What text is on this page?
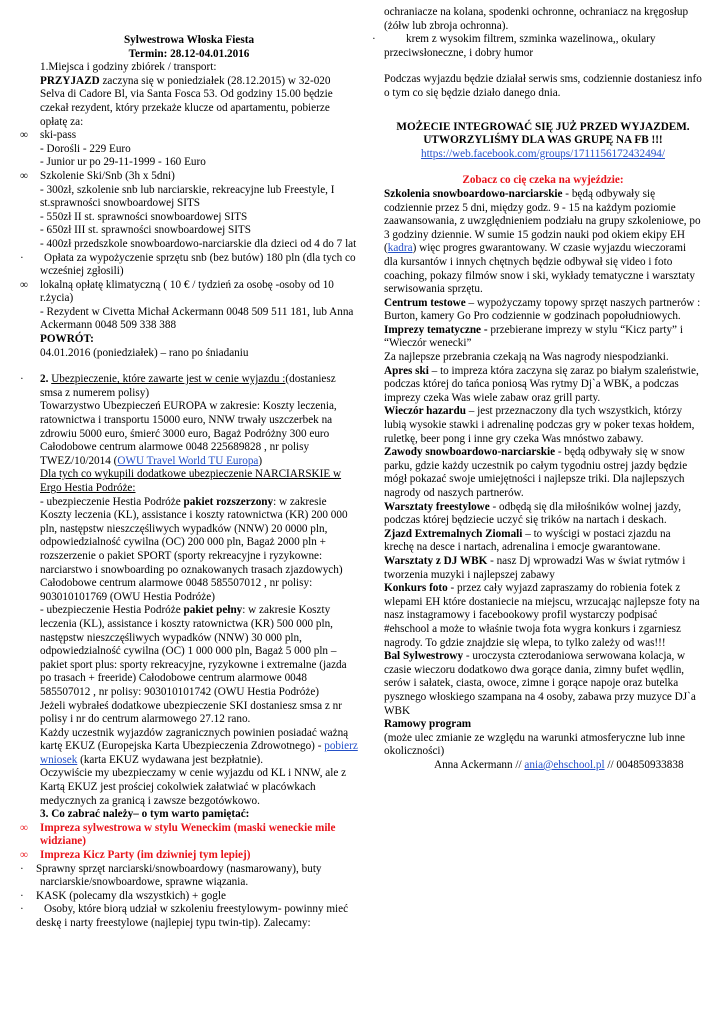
Sylwestrowa Włoska Fiesta

Termin: 28.12-04.01.2016

1.Miejsca i godziny zbiórek / transport:

PRZYJAZD zaczyna się w poniedziałek (28.12.2015) w 32-020 Selva di Cadore Bl, via Santa Fosca 53. Od godziny 15.00 będzie czekał rezydent, który przekaże klucze od apartamentu, pobierze opłatę za:

∞	ski-pass

- Dorośli - 229 Euro

- Junior ur po 29-11-1999 - 160 Euro

∞	Szkolenie Ski/Snb (3h x 5dni)

- 300zł, szkolenie snb lub narciarskie, rekreacyjne lub Freestyle, I st.sprawności snowboardowej SITS

- 550zł II st. sprawności snowboardowej SITS

- 650zł III st. sprawności snowboardowej SITS

- 400zł przedszkole snowboardowo-narciarskie dla dzieci od 4 do 7 lat

·	Opłata za wypożyczenie sprzętu snb (bez butów) 180 pln (dla tych co wcześniej zgłosili)

∞	lokalną opłatę klimatyczną ( 10 € / tydzień za osobę -osoby od 10 r.życia)

- Rezydent w Civetta Michał Ackermann 0048 509 511 181, lub Anna Ackermann 0048 509 338 388

POWRÓT:

04.01.2016 (poniedziałek) – rano po śniadaniu

·	2. Ubezpieczenie, które zawarte jest w cenie wyjazdu :(dostaniesz smsa z numerem polisy)

Towarzystwo Ubezpieczeń EUROPA w zakresie: Koszty leczenia, ratownictwa i transportu 15000 euro, NNW trwały uszczerbek na zdrowiu 5000 euro, śmierć 3000 euro, Bagaż Podróżny 300 euro Całodobowe centrum alarmowe 0048 225689828 , nr polisy TWEZ/10/2014 (OWU Travel World TU Europa)

Dla tych co wykupili dodatkowe ubezpieczenie NARCIARSKIE w Ergo Hestia Podróże:

- ubezpieczenie Hestia Podróże pakiet rozszerzony: w zakresie Koszty leczenia (KL), assistance i koszty ratownictwa (KR) 200 000 pln, następstw nieszczęśliwych wypadków (NNW) 20 0000 pln, odpowiedzialność cywilna (OC) 200 000 pln, Bagaż 2000 pln + rozszerzenie o pakiet SPORT (sporty rekreacyjne i ryzykowne: narciarstwo i snowboarding po oznakowanych trasach zjazdowych) Całodobowe centrum alarmowe 0048 585507012 , nr polisy: 903010101769 (OWU Hestia Podróże)

- ubezpieczenie Hestia Podróże pakiet pełny: w zakresie Koszty leczenia (KL), assistance i koszty ratownictwa (KR) 500 000 pln, następstw nieszczęśliwych wypadków (NNW) 30 000 pln, odpowiedzialność cywilna (OC) 1 000 000 pln, Bagaż 5 000 pln – pakiet sport plus: sporty rekreacyjne, ryzykowne i extremalne (jazda po trasach + freeride) Całodobowe centrum alarmowe 0048 585507012 , nr polisy: 903010101742 (OWU Hestia Podróże)

Jeżeli wybrałeś dodatkowe ubezpieczenie SKI dostaniesz smsa z nr polisy i nr do centrum alarmowego 27.12 rano.

Każdy uczestnik wyjazdów zagranicznych powinien posiadać ważną kartę EKUZ (Europejska Karta Ubezpieczenia Zdrowotnego) - pobierz wniosek (karta EKUZ wydawana jest bezpłatnie).

Oczywiście my ubezpieczamy w cenie wyjazdu od KL i NNW, ale z Kartą EKUZ jest prościej cokolwiek załatwiać w placówkach medycznych za granicą i zawsze bezgotówkowo.

3. Co zabrać należy– o tym warto pamiętać:

∞	Impreza sylwestrowa w stylu Weneckim (maski weneckie mile widziane)

∞	Impreza Kicz Party (im dziwniej tym lepiej)

·	Sprawny sprzęt narciarski/snowboardowy (nasmarowany), buty narciarskie/snowboardowe, sprawne wiązania.

·	KASK (polecamy dla wszystkich) + gogle

·	Osoby, które biorą udział w szkoleniu freestylowym- powinny mieć deskę i narty freestylowe (najlepiej typu twin-tip). Zalecamy:

ochraniacze na kolana, spodenki ochronne, ochraniacz na kręgosłup (żółw lub zbroja ochronna).

·	krem z wysokim filtrem, szminka wazelinowa,, okulary przeciwsłoneczne, i dobry humor

Podczas wyjazdu będzie działał serwis sms, codziennie dostaniesz info o tym co się będzie działo danego dnia.

MOŻECIE INTEGROWAĆ SIĘ JUŻ PRZED WYJAZDEM. UTWORZYLIŚMY DLA WAS GRUPĘ NA FB !!!

https://web.facebook.com/groups/1711156172432494/

Zobacz co cię czeka na wyjeździe:

Szkolenia snowboardowo-narciarskie - będą odbywały się codziennie przez 5 dni, między godz. 9 - 15 na każdym poziomie zaawansowania, z uwzględnieniem podziału na grupy szkoleniowe, po 3 godziny dziennie. W sumie 15 godzin nauki pod okiem ekipy EH (kadra) więc progres gwarantowany. W czasie wyjazdu wieczorami dla kursantów i innych chętnych będzie odbywał się video i foto coaching, pokazy filmów snow i ski, wykłady tematyczne i warsztaty serwisowania sprzętu.

Centrum testowe – wypożyczamy topowy sprzęt naszych partnerów : Burton, kamery Go Pro codziennie w godzinach popołudniowych.

Imprezy tematyczne - przebierane imprezy w stylu “Kicz party” i “Wieczór wenecki”

Za najlepsze przebrania czekają na Was nagrody niespodzianki.

Apres ski – to impreza która zaczyna się zaraz po białym szaleństwie, podczas której do tańca poniosą Was rytmy Dj`a WBK, a podczas imprezy czeka Was wiele zabaw oraz grill party.

Wieczór hazardu – jest przeznaczony dla tych wszystkich, którzy lubią wysokie stawki i adrenalinę podczas gry w poker texas hołdem, ruletkę, beer pong i inne gry czeka Was mnóstwo zabawy.

Zawody snowboardowo-narciarskie - będą odbywały się w snow parku, gdzie każdy uczestnik po całym tygodniu ostrej jazdy będzie mógł pokazać swoje umiejętności i najlepsze triki. Dla najlepszych nagrody od naszych partnerów.

Warsztaty freestylowe - odbędą się dla miłośników wolnej jazdy, podczas której będziecie uczyć się trików na nartach i deskach.

Zjazd Extremalnych Ziomali – to wyścigi w postaci zjazdu na krechę na desce i nartach, adrenalina i emocje gwarantowane.

Warsztaty z DJ WBK - nasz Dj wprowadzi Was w świat rytmów i tworzenia muzyki i najlepszej zabawy

Konkurs foto - przez cały wyjazd zapraszamy do robienia fotek z wlepami EH które dostaniecie na miejscu, wrzucając najlepsze foty na nasz instagramowy i facebookowy profil wystarczy podpisać #ehschool a może to właśnie twoja fota wygra konkurs i zgarniesz nagrody. To gdzie znajdzie się wlepa, to tylko zależy od was!!!

Bal Sylwestrowy - uroczysta czterodaniowa serwowana kolacja, w czasie wieczoru dodatkowo dwa gorące dania, zimny bufet wędlin, serów i sałatek, ciasta, owoce, zimne i gorące napoje oraz butelka pysznego włoskiego szampana na 4 osoby, zabawa przy muzyce DJ`a WBK

Ramowy program

(może ulec zmianie ze względu na warunki atmosferyczne lub inne okoliczności)

Anna Ackermann // ania@ehschool.pl // 004850933838
